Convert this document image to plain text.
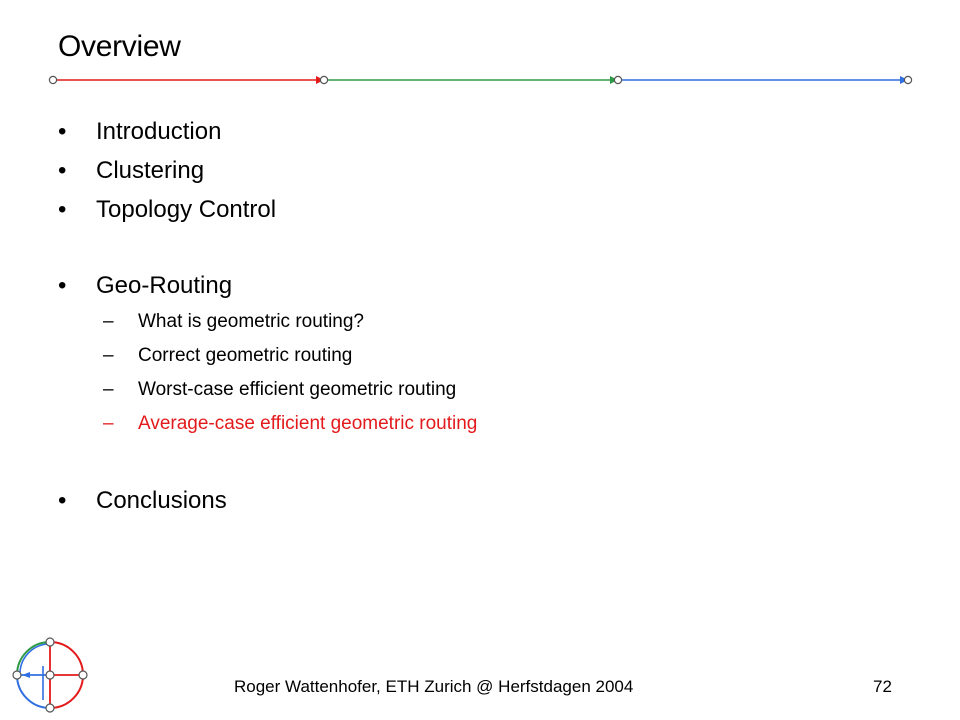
Overview
• Introduction
• Clustering
• Topology Control
• Geo-Routing
– What is geometric routing?
– Correct geometric routing
– Worst-case efficient geometric routing
– Average-case efficient geometric routing
• Conclusions
Roger Wattenhofer, ETH Zurich @ Herfstdagen 2004	72
